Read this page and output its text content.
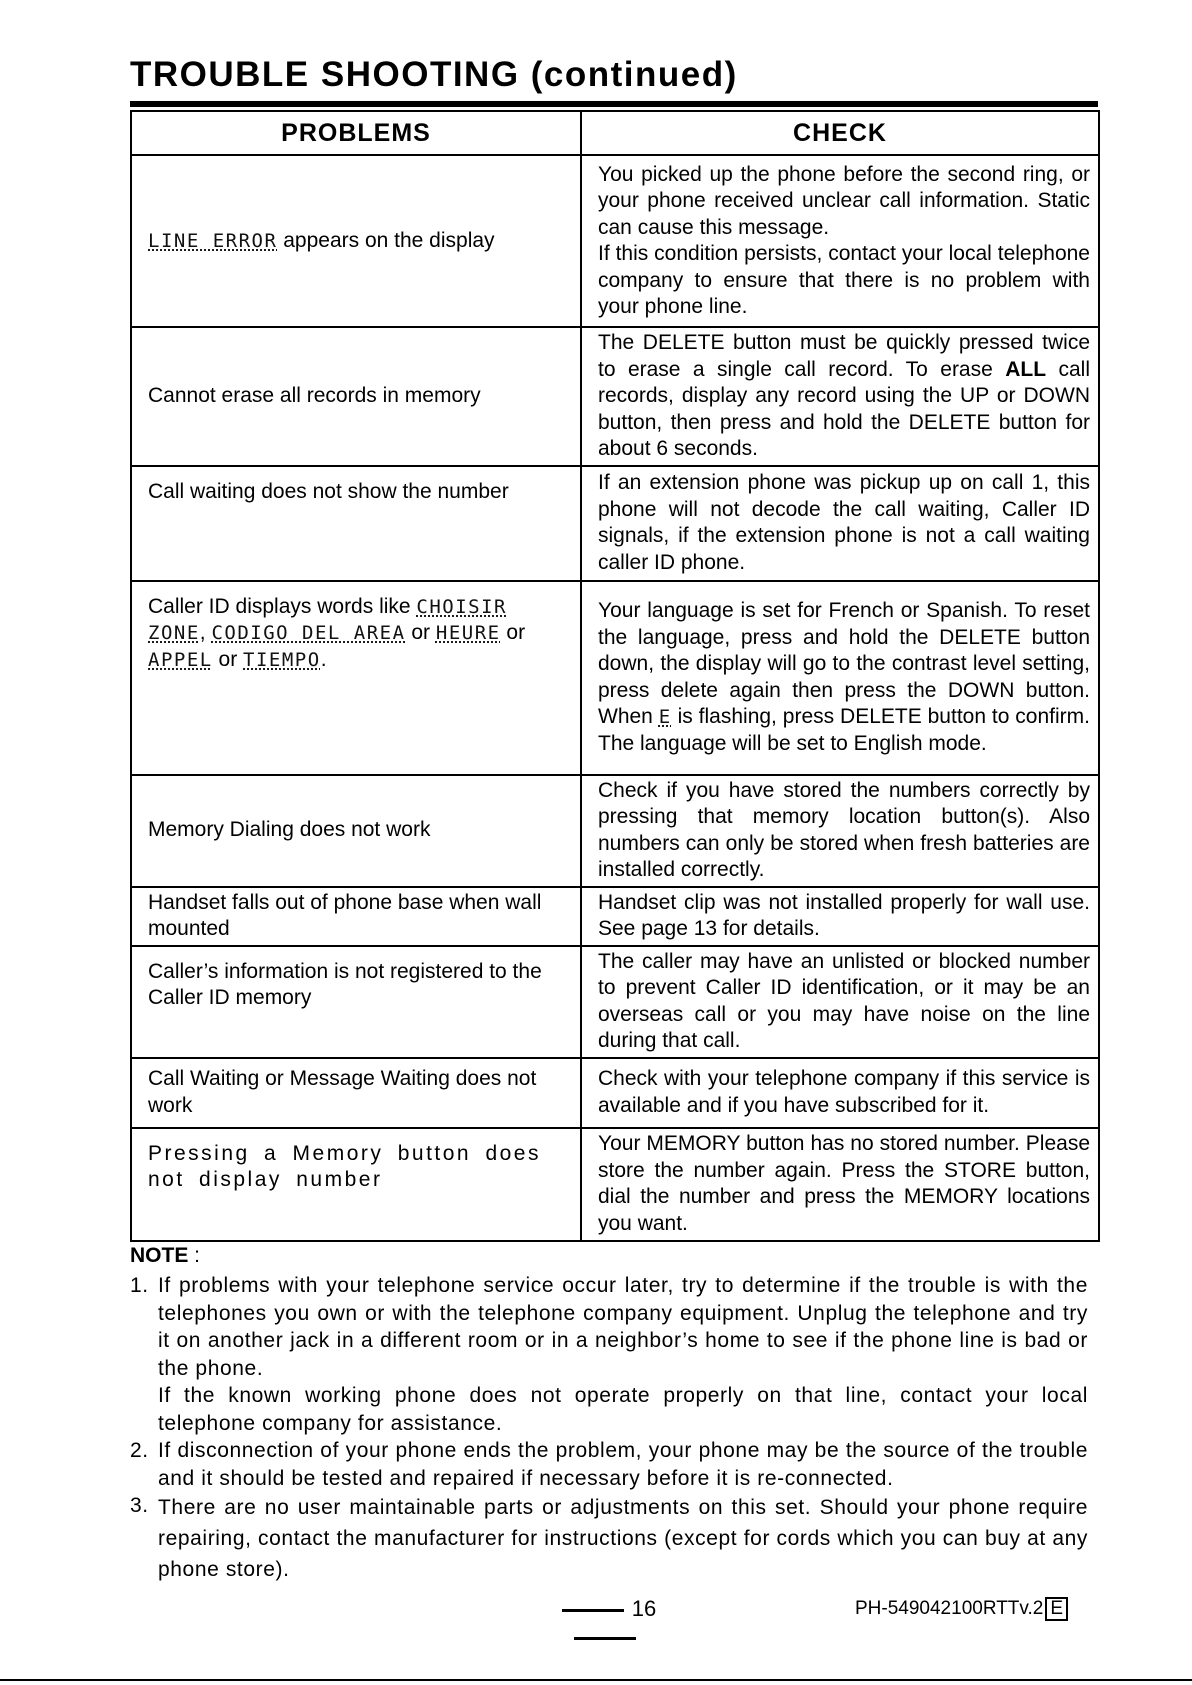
TROUBLE SHOOTING (continued)
PROBLEMS	CHECK
LINE ERROR appears on the display	You picked up the phone before the second ring, or your phone received unclear call information. Static can cause this message.
If this condition persists, contact your local telephone company to ensure that there is no problem with your phone line.

Cannot erase all records in memory	The DELETE button must be quickly pressed twice to erase a single call record. To erase ALL call records, display any record using the UP or DOWN button, then press and hold the DELETE button for about 6 seconds.
Call waiting does not show the number	If an extension phone was pickup up on call 1, this phone will not decode the call waiting, Caller ID signals, if the extension phone is not a call waiting caller ID phone.
Caller ID displays words like CHOISIR ZONE, CODIGO DEL AREA or HEURE or APPEL or TIEMPO.	Your language is set for French or Spanish. To reset the language, press and hold the DELETE button down, the display will go to the contrast level setting, press delete again then press the DOWN button. When E is flashing, press DELETE button to confirm. The language will be set to English mode.
Memory Dialing does not work	Check if you have stored the numbers correctly by pressing that memory location button(s). Also numbers can only be stored when fresh batteries are installed correctly.
Handset falls out of phone base when wall mounted	Handset clip was not installed properly for wall use. See page 13 for details.
Caller’s information is not registered to the Caller ID memory	The caller may have an unlisted or blocked number to prevent Caller ID identification, or it may be an overseas call or you may have noise on the line during that call.
Call Waiting or Message Waiting does not work	Check with your telephone company if this service is available and if you have subscribed for it.
Pressing a Memory button does not display number	Your MEMORY button has no stored number. Please store the number again. Press the STORE button, dial the number and press the MEMORY locations you want.
NOTE :
1. If problems with your telephone service occur later, try to determine if the trouble is with the telephones you own or with the telephone company equipment. Unplug the telephone and try it on another jack in a different room or in a neighbor’s home to see if the phone line is bad or the phone.
If the known working phone does not operate properly on that line, contact your local telephone company for assistance.
2. If disconnection of your phone ends the problem, your phone may be the source of the trouble and it should be tested and repaired if necessary before it is re-connected.
3. There are no user maintainable parts or adjustments on this set. Should your phone require repairing, contact the manufacturer for instructions (except for cords which you can buy at any phone store).
16	PH-549042100RTTv.2 E
